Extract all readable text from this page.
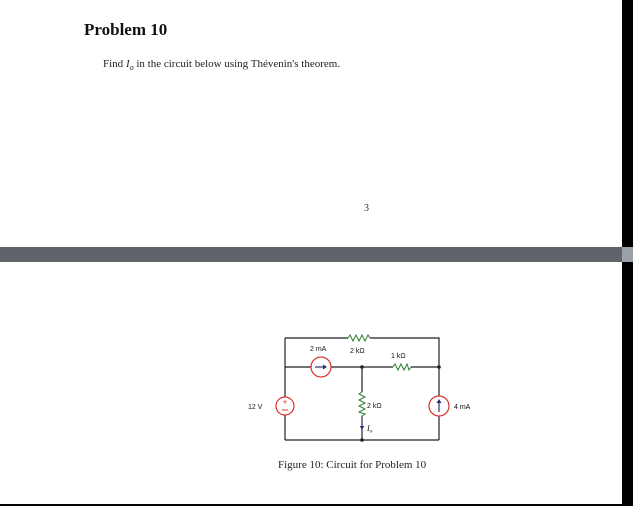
Problem 10
Find $I_o$ in the circuit below using Thévenin's theorem.
3
+
12 V
2 mA	2 kΩ
1 kΩ
2 kΩ	4 mA
Io
Figure 10: Circuit for Problem 10
